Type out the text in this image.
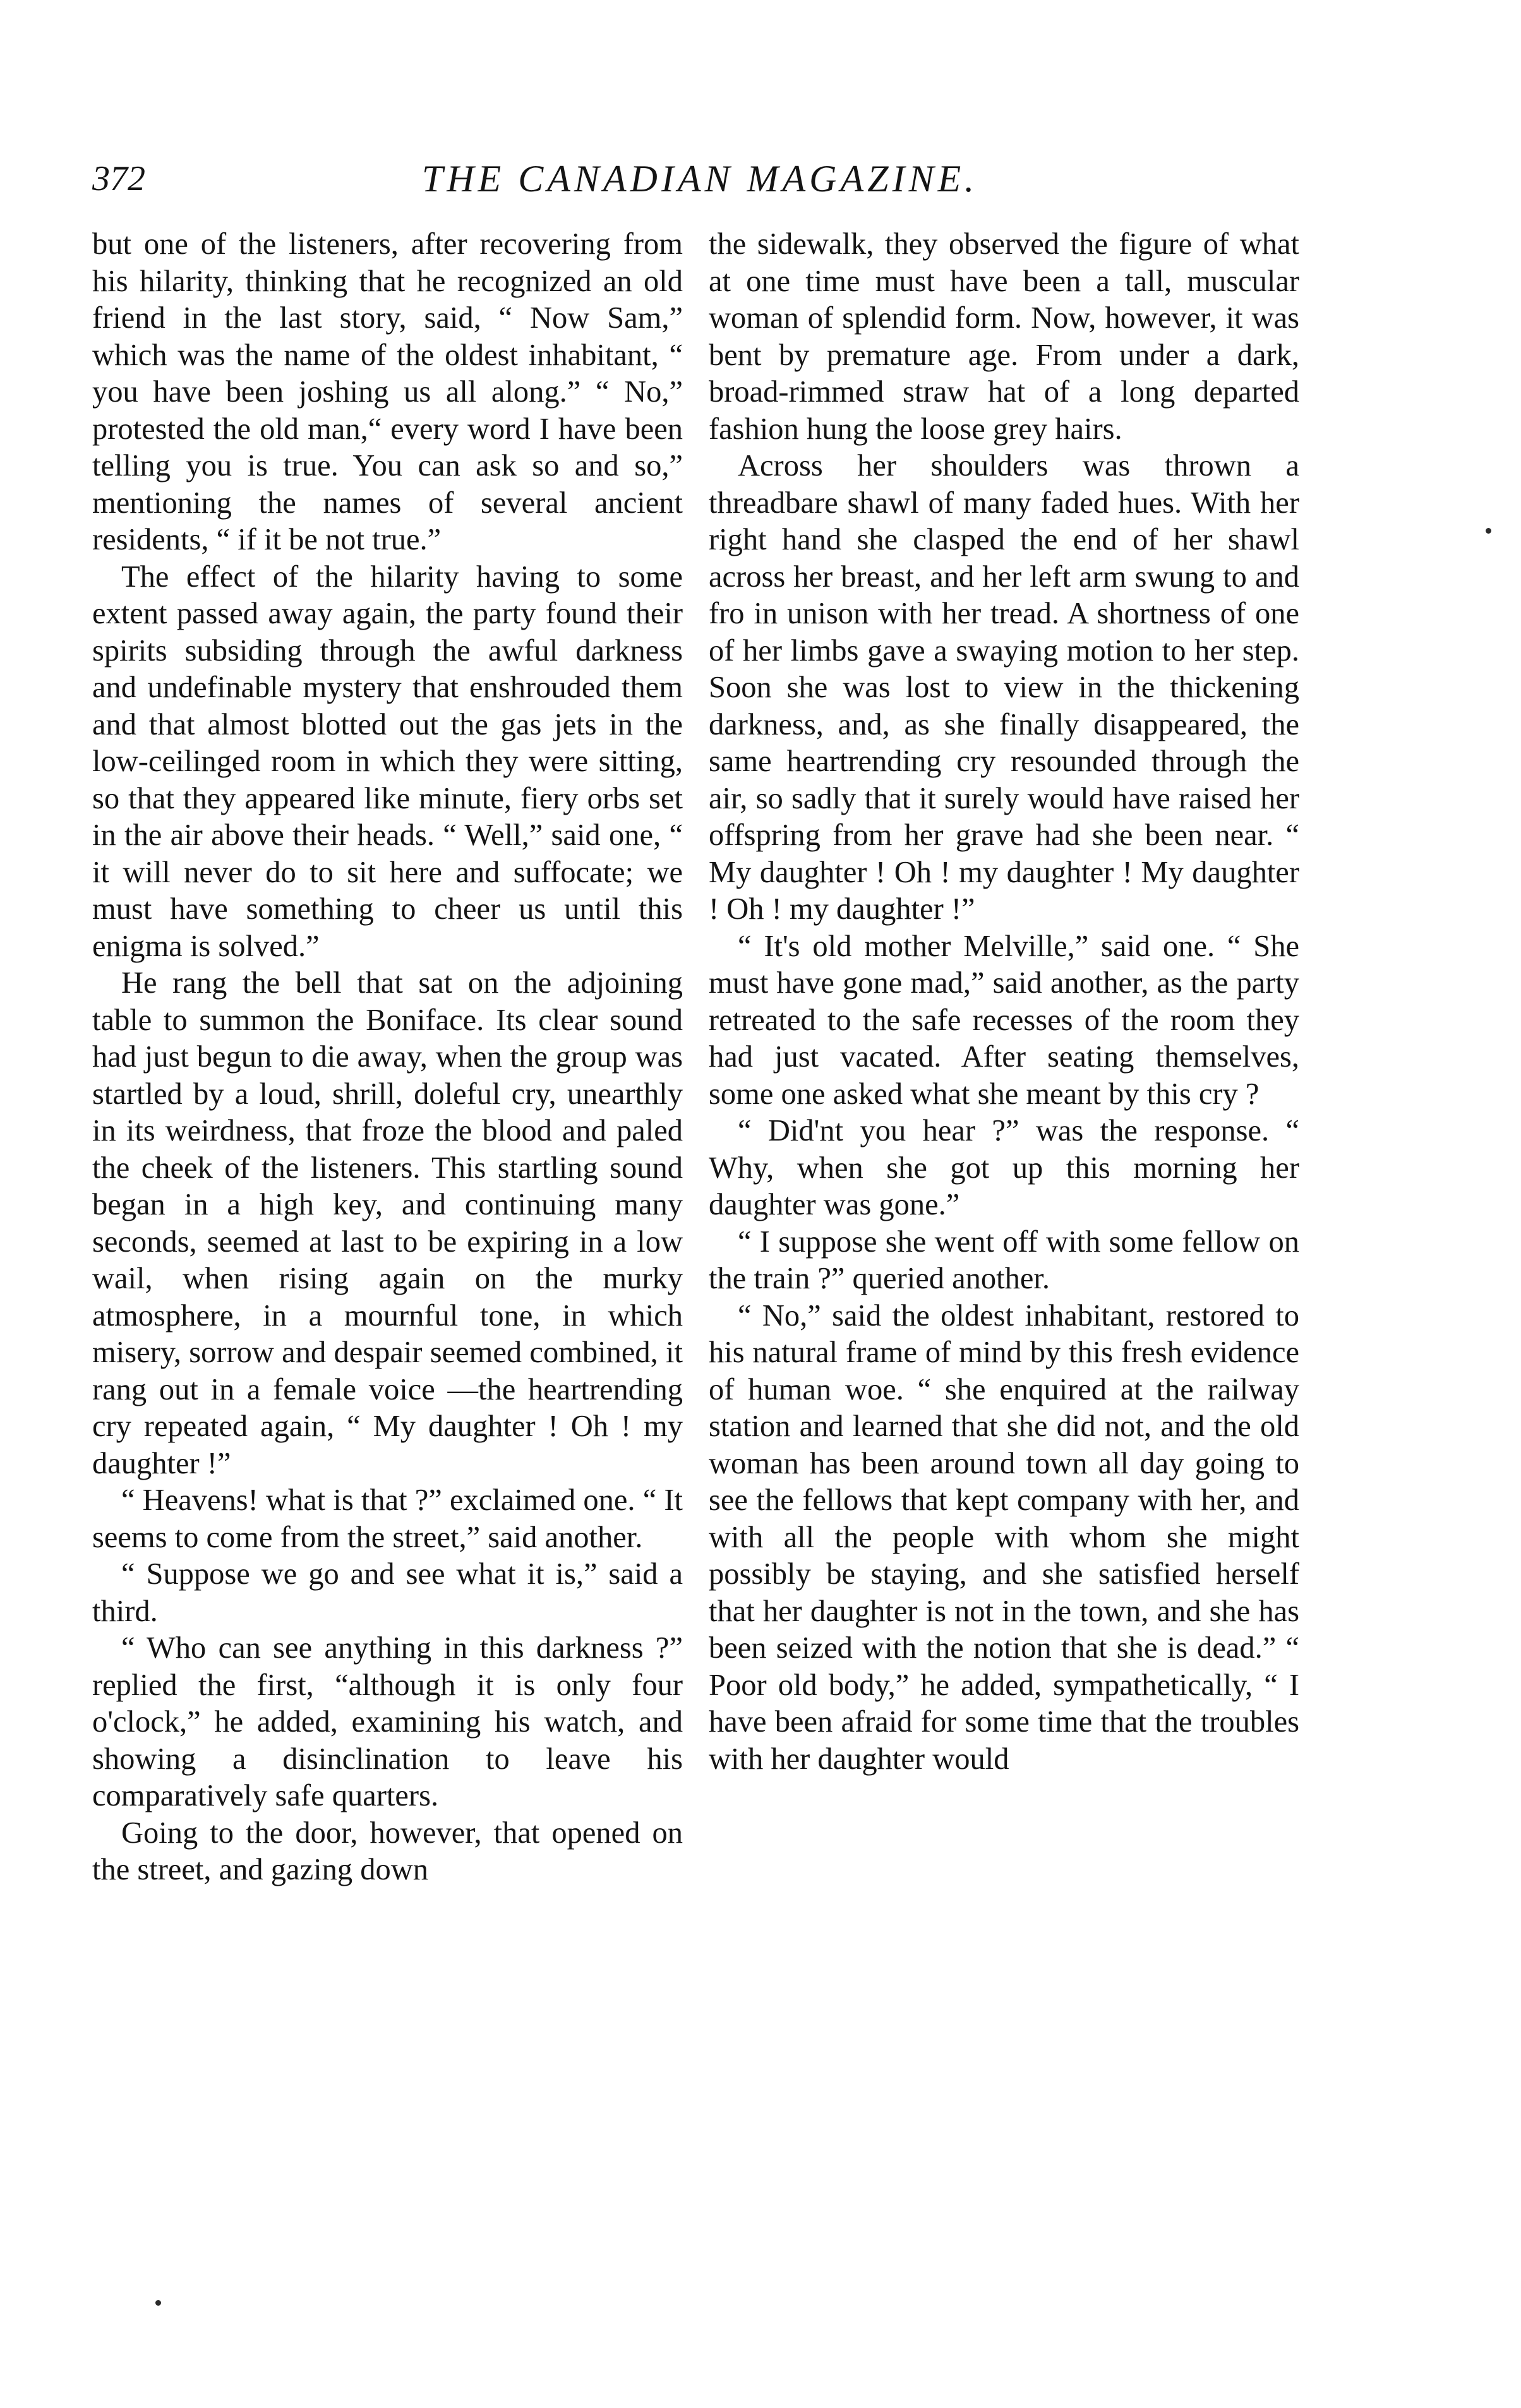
372	THE CANADIAN MAGAZINE.

but one of the listeners, after recovering from his hilarity, thinking that he recognized an old friend in the last story, said, “ Now Sam,” which was the name of the oldest inhabitant, “ you have been joshing us all along.” “ No,” protested the old man,“ every word I have been telling you is true. You can ask so and so,” mentioning the names of several ancient residents, “ if it be not true.”

The effect of the hilarity having to some extent passed away again, the party found their spirits subsiding through the awful darkness and undefinable mystery that enshrouded them and that almost blotted out the gas jets in the low-ceilinged room in which they were sitting, so that they appeared like minute, fiery orbs set in the air above their heads. “ Well,” said one, “ it will never do to sit here and suffocate; we must have something to cheer us until this enigma is solved.”

He rang the bell that sat on the adjoining table to summon the Boniface. Its clear sound had just begun to die away, when the group was startled by a loud, shrill, doleful cry, unearthly in its weirdness, that froze the blood and paled the cheek of the listeners. This startling sound began in a high key, and continuing many seconds, seemed at last to be expiring in a low wail, when rising again on the murky atmosphere, in a mournful tone, in which misery, sorrow and despair seemed combined, it rang out in a female voice —the heartrending cry repeated again, “ My daughter ! Oh ! my daughter !”

“ Heavens! what is that ?” exclaimed one. “ It seems to come from the street,” said another.

“ Suppose we go and see what it is,” said a third.

“ Who can see anything in this darkness ?” replied the first, “although it is only four o'clock,” he added, examining his watch, and showing a disinclination to leave his comparatively safe quarters.

Going to the door, however, that opened on the street, and gazing down

the sidewalk, they observed the figure of what at one time must have been a tall, muscular woman of splendid form. Now, however, it was bent by premature age. From under a dark, broad-rimmed straw hat of a long departed fashion hung the loose grey hairs.

Across her shoulders was thrown a threadbare shawl of many faded hues. With her right hand she clasped the end of her shawl across her breast, and her left arm swung to and fro in unison with her tread. A shortness of one of her limbs gave a swaying motion to her step. Soon she was lost to view in the thickening darkness, and, as she finally disappeared, the same heartrending cry resounded through the air, so sadly that it surely would have raised her offspring from her grave had she been near. “ My daughter ! Oh ! my daughter ! My daughter ! Oh ! my daughter !”

“ It's old mother Melville,” said one. “ She must have gone mad,” said another, as the party retreated to the safe recesses of the room they had just vacated. After seating themselves, some one asked what she meant by this cry ?

“ Did'nt you hear ?” was the response. “ Why, when she got up this morning her daughter was gone.”

“ I suppose she went off with some fellow on the train ?” queried another.

“ No,” said the oldest inhabitant, restored to his natural frame of mind by this fresh evidence of human woe. “ she enquired at the railway station and learned that she did not, and the old woman has been around town all day going to see the fellows that kept company with her, and with all the people with whom she might possibly be staying, and she satisfied herself that her daughter is not in the town, and she has been seized with the notion that she is dead.” “ Poor old body,” he added, sympathetically, “ I have been afraid for some time that the troubles with her daughter would
